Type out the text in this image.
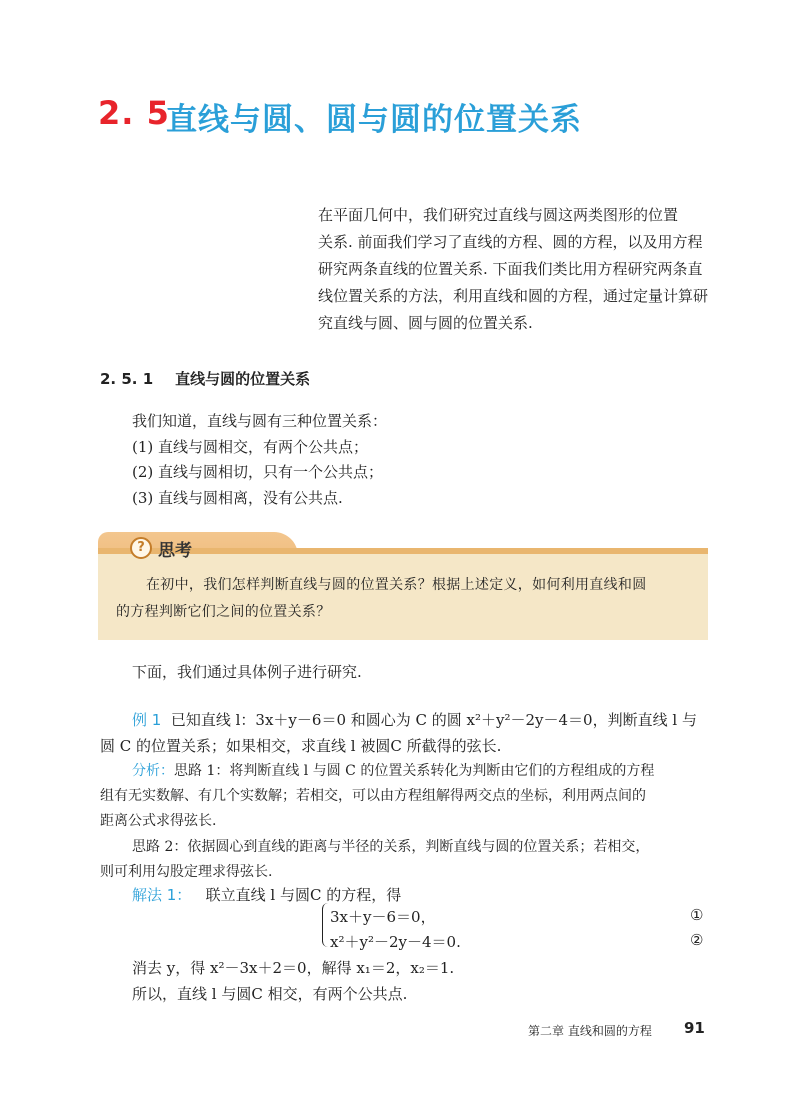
2. 5
直线与圆、圆与圆的位置关系

在平面几何中，我们研究过直线与圆这两类图形的位置

关系. 前面我们学习了直线的方程、圆的方程，以及用方程

研究两条直线的位置关系. 下面我们类比用方程研究两条直

线位置关系的方法，利用直线和圆的方程，通过定量计算研

究直线与圆、圆与圆的位置关系.

2. 5. 1 直线与圆的位置关系
我们知道，直线与圆有三种位置关系：
(1) 直线与圆相交，有两个公共点；
(2) 直线与圆相切，只有一个公共点；
(3) 直线与圆相离，没有公共点.
? 思考

在初中，我们怎样判断直线与圆的位置关系？根据上述定义，如何利用直线和圆

的方程判断它们之间的位置关系？

下面，我们通过具体例子进行研究.
例 1 已知直线 l：3x＋y－6＝0 和圆心为 C 的圆 x²＋y²－2y－4＝0，判断直线 l 与
圆 C 的位置关系；如果相交，求直线 l 被圆C 所截得的弦长.
分析：思路 1：将判断直线 l 与圆 C 的位置关系转化为判断由它们的方程组成的方程
组有无实数解、有几个实数解；若相交，可以由方程组解得两交点的坐标，利用两点间的
距离公式求得弦长.
思路 2：依据圆心到直线的距离与半径的关系，判断直线与圆的位置关系；若相交，
则可利用勾股定理求得弦长.
解法 1： 联立直线 l 与圆C 的方程，得
3x＋y－6＝0，	①
x²＋y²－2y－4＝0.	②
消去 y，得 x²－3x＋2＝0，解得 x₁＝2，x₂＝1.
所以，直线 l 与圆C 相交，有两个公共点.
第二章 直线和圆的方程 91
